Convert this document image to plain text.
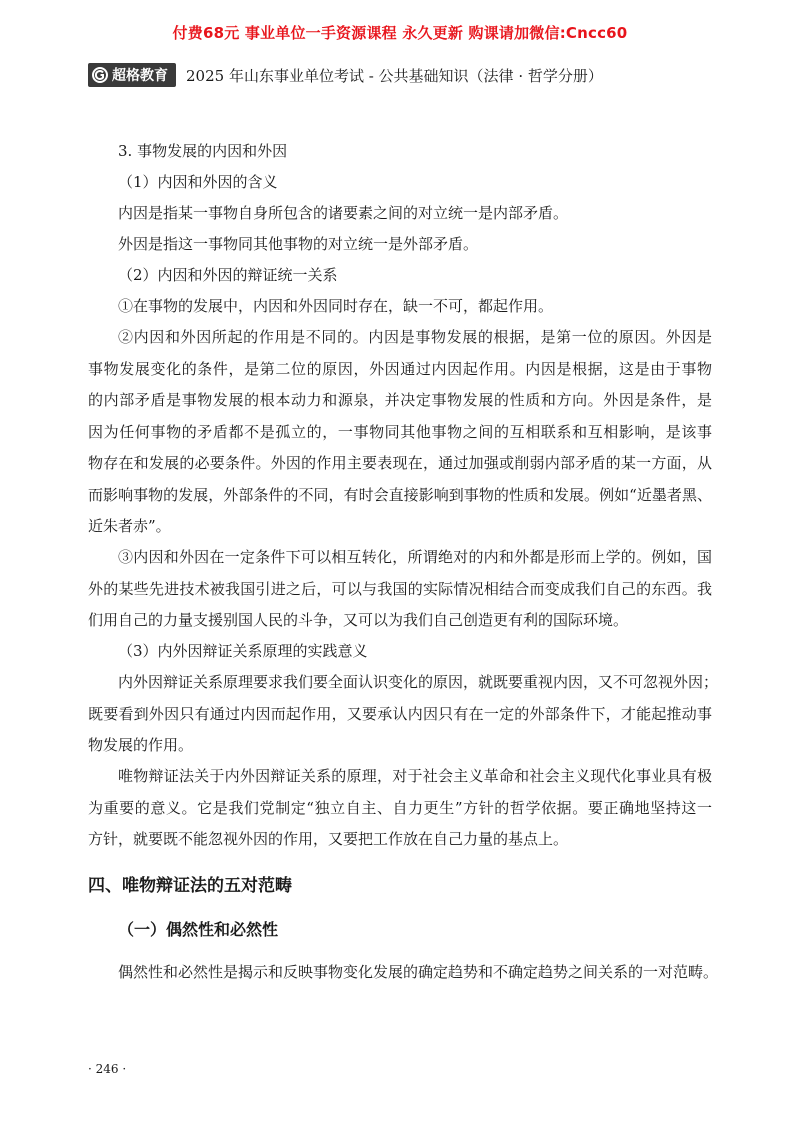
付费68元 事业单位一手资源课程 永久更新 购课请加微信:Cncc60
超格教育 2025 年山东事业单位考试 - 公共基础知识（法律 · 哲学分册）
3. 事物发展的内因和外因
（1）内因和外因的含义
内因是指某一事物自身所包含的诸要素之间的对立统一是内部矛盾。
外因是指这一事物同其他事物的对立统一是外部矛盾。
（2）内因和外因的辩证统一关系
①在事物的发展中，内因和外因同时存在，缺一不可，都起作用。
②内因和外因所起的作用是不同的。内因是事物发展的根据，是第一位的原因。外因是
事物发展变化的条件，是第二位的原因，外因通过内因起作用。内因是根据，这是由于事物
的内部矛盾是事物发展的根本动力和源泉，并决定事物发展的性质和方向。外因是条件，是
因为任何事物的矛盾都不是孤立的，一事物同其他事物之间的互相联系和互相影响，是该事
物存在和发展的必要条件。外因的作用主要表现在，通过加强或削弱内部矛盾的某一方面，从
而影响事物的发展，外部条件的不同，有时会直接影响到事物的性质和发展。例如“近墨者黑、
近朱者赤”。
③内因和外因在一定条件下可以相互转化，所谓绝对的内和外都是形而上学的。例如，国
外的某些先进技术被我国引进之后，可以与我国的实际情况相结合而变成我们自己的东西。我
们用自己的力量支援别国人民的斗争，又可以为我们自己创造更有利的国际环境。
（3）内外因辩证关系原理的实践意义
内外因辩证关系原理要求我们要全面认识变化的原因，就既要重视内因，又不可忽视外因；
既要看到外因只有通过内因而起作用，又要承认内因只有在一定的外部条件下，才能起推动事
物发展的作用。
唯物辩证法关于内外因辩证关系的原理，对于社会主义革命和社会主义现代化事业具有极
为重要的意义。它是我们党制定“独立自主、自力更生”方针的哲学依据。要正确地坚持这一
方针，就要既不能忽视外因的作用，又要把工作放在自己力量的基点上。
四、唯物辩证法的五对范畴
（一）偶然性和必然性
偶然性和必然性是揭示和反映事物变化发展的确定趋势和不确定趋势之间关系的一对范畴。
· 246 ·
